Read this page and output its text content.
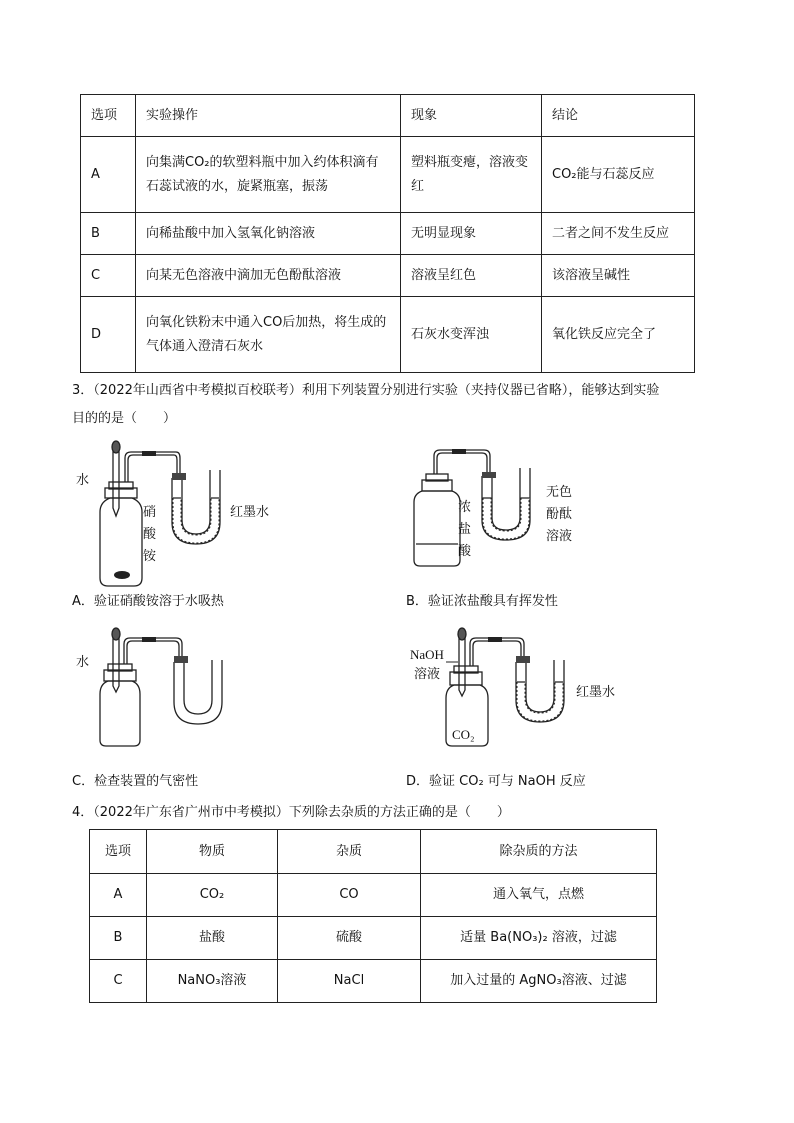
选项	实验操作	现象	结论
A	向集满CO₂的软塑料瓶中加入约体积滴有石蕊试液的水，旋紧瓶塞，振荡	塑料瓶变瘪，溶液变红	CO₂能与石蕊反应
B	向稀盐酸中加入氢氧化钠溶液	无明显现象	二者之间不发生反应
C	向某无色溶液中滴加无色酚酞溶液	溶液呈红色	该溶液呈碱性
D	向氧化铁粉末中通入CO后加热，将生成的气体通入澄清石灰水	石灰水变浑浊	氧化铁反应完全了
3．（2022年山西省中考模拟百校联考）利用下列装置分别进行实验（夹持仪器已省略），能够达到实验
目的的是（　　）
水
硝
酸
铵
红墨水
A．验证硝酸铵溶于水吸热
浓
盐
酸
无色
酚酞
溶液
B．验证浓盐酸具有挥发性
水
C．检查装置的气密性
NaOH
溶液
CO₂
红墨水
D．验证 CO₂ 可与 NaOH 反应
4．（2022年广东省广州市中考模拟）下列除去杂质的方法正确的是（　　）
选项	物质	杂质	除杂质的方法
A	CO₂	CO	通入氧气，点燃
B	盐酸	硫酸	适量 Ba(NO₃)₂ 溶液，过滤
C	NaNO₃溶液	NaCl	加入过量的 AgNO₃溶液、过滤
